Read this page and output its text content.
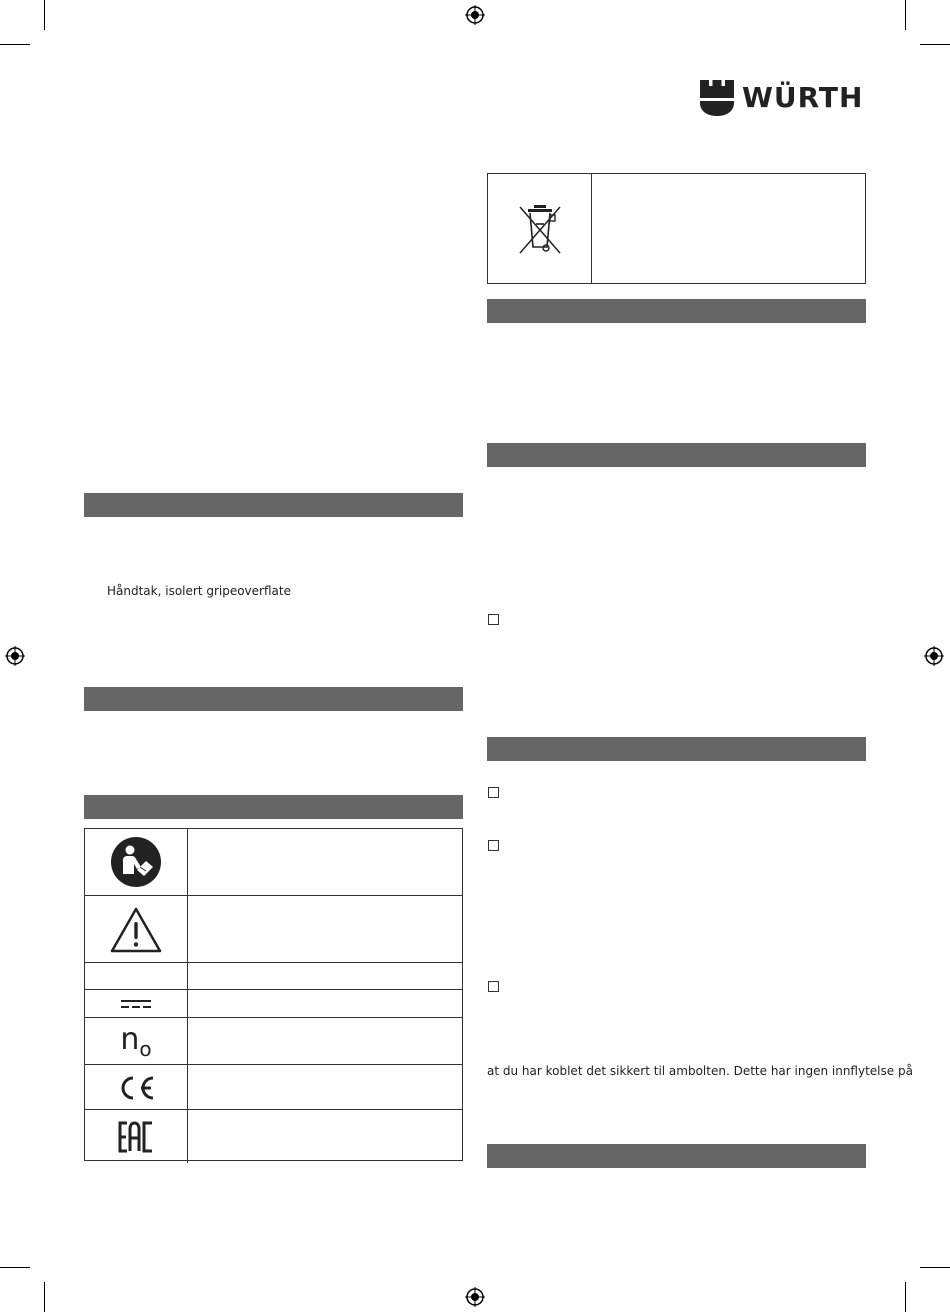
WÜRTH
Håndtak, isolert gripeoverflate
$n_o$
at du har koblet det sikkert til ambolten. Dette har ingen innflytelse på
